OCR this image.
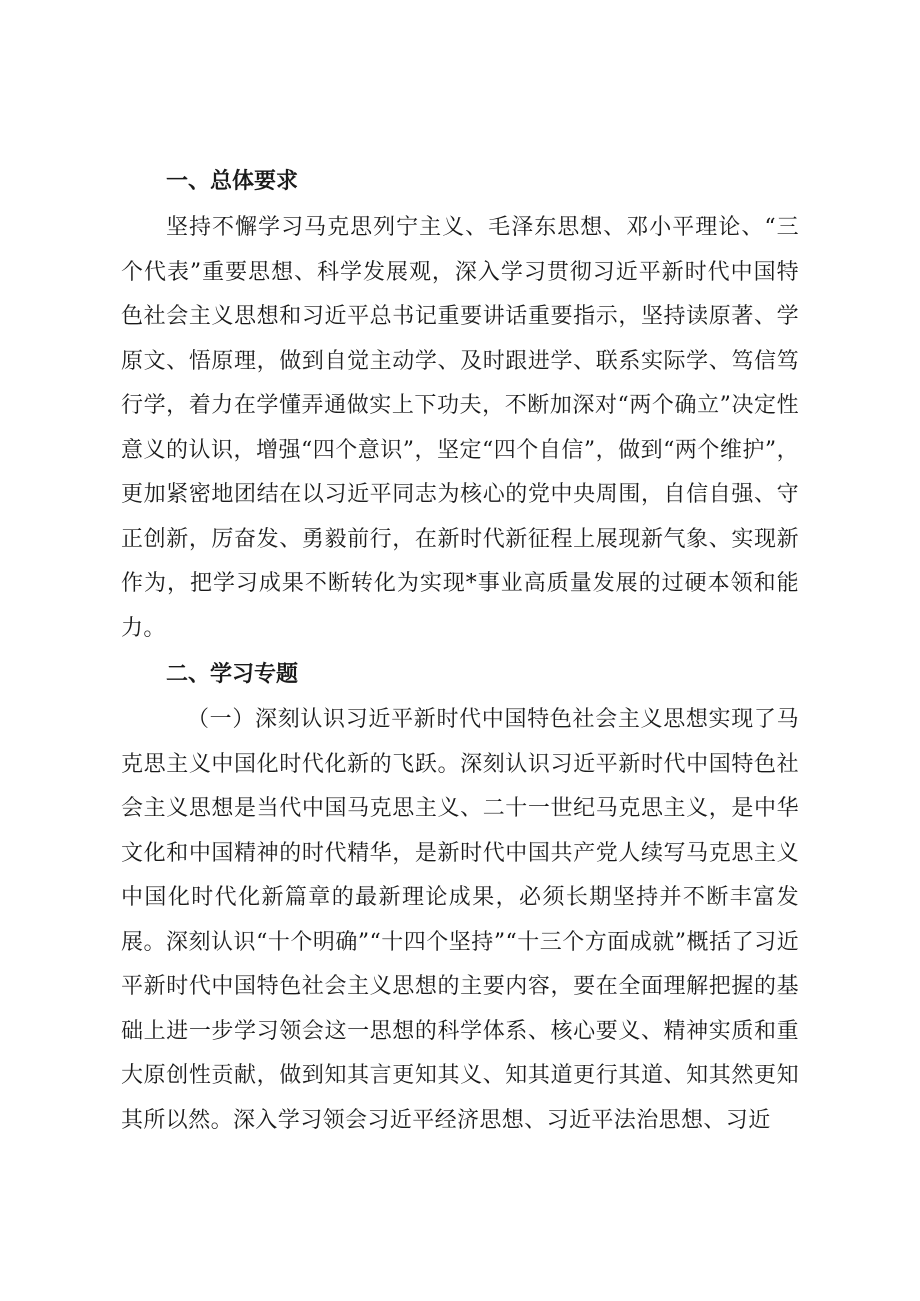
一、总体要求

坚持不懈学习马克思列宁主义、毛泽东思想、邓小平理论、“三个代表”重要思想、科学发展观，深入学习贯彻习近平新时代中国特色社会主义思想和习近平总书记重要讲话重要指示，坚持读原著、学原文、悟原理，做到自觉主动学、及时跟进学、联系实际学、笃信笃行学，着力在学懂弄通做实上下功夫，不断加深对“两个确立”决定性意义的认识，增强“四个意识”，坚定“四个自信”，做到“两个维护”，更加紧密地团结在以习近平同志为核心的党中央周围，自信自强、守正创新，厉奋发、勇毅前行，在新时代新征程上展现新气象、实现新作为，把学习成果不断转化为实现*事业高质量发展的过硬本领和能力。

二、学习专题

（一）深刻认识习近平新时代中国特色社会主义思想实现了马克思主义中国化时代化新的飞跃。深刻认识习近平新时代中国特色社会主义思想是当代中国马克思主义、二十一世纪马克思主义，是中华文化和中国精神的时代精华，是新时代中国共产党人续写马克思主义中国化时代化新篇章的最新理论成果，必须长期坚持并不断丰富发展。深刻认识“十个明确”“十四个坚持”“十三个方面成就”概括了习近平新时代中国特色社会主义思想的主要内容，要在全面理解把握的基础上进一步学习领会这一思想的科学体系、核心要义、精神实质和重大原创性贡献，做到知其言更知其义、知其道更行其道、知其然更知其所以然。深入学习领会习近平经济思想、习近平法治思想、习近
